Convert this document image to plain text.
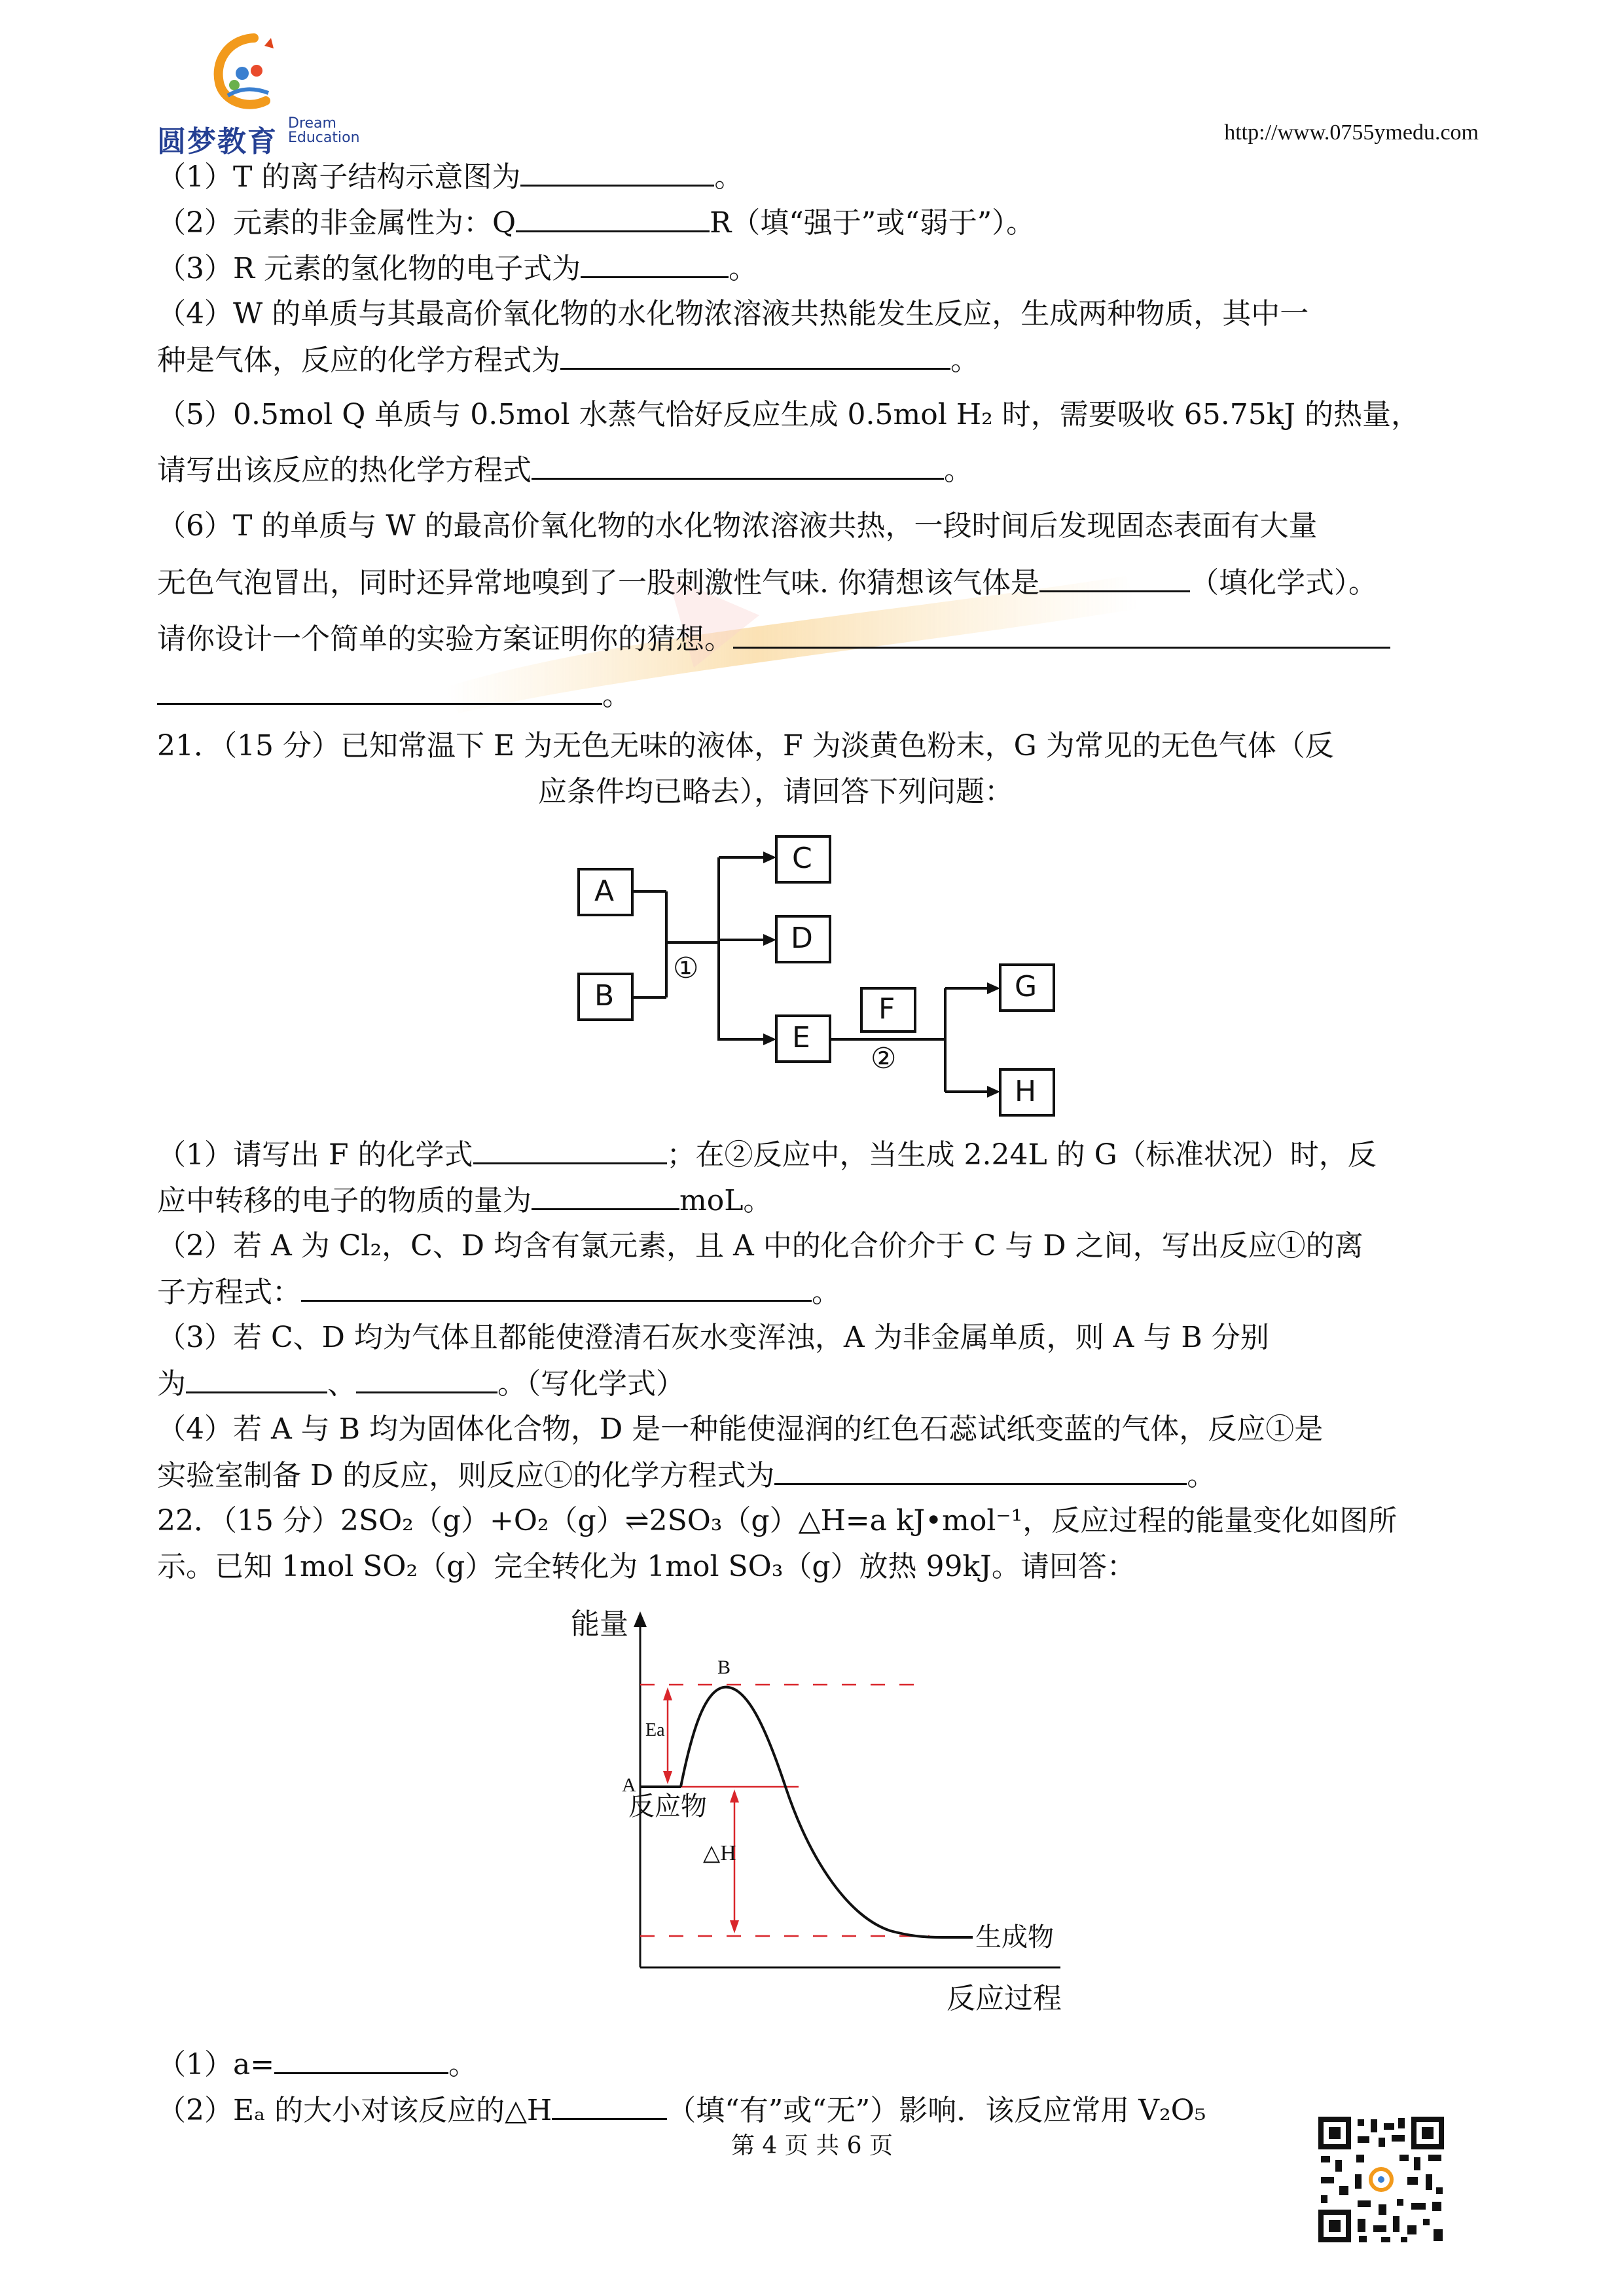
圆梦教育
Dream
Education	http://www.0755ymedu.com
（1）T 的离子结构示意图为	。
（2）元素的非金属性为：Q	R（填“强于”或“弱于”）。
（3）R 元素的氢化物的电子式为	。
（4）W 的单质与其最高价氧化物的水化物浓溶液共热能发生反应，生成两种物质，其中一
种是气体，反应的化学方程式为	。
（5）0.5mol Q 单质与 0.5mol 水蒸气恰好反应生成 0.5mol H₂ 时，需要吸收 65.75kJ 的热量，
请写出该反应的热化学方程式	。
（6）T 的单质与 W 的最高价氧化物的水化物浓溶液共热，一段时间后发现固态表面有大量
无色气泡冒出，同时还异常地嗅到了一股刺激性气味. 你猜想该气体是	（填化学式）。
请你设计一个简单的实验方案证明你的猜想。
。
21．（15 分）已知常温下 E 为无色无味的液体，F 为淡黄色粉末，G 为常见的无色气体（反
应条件均已略去），请回答下列问题：
A
B
C
D
E
F
G
H
①
②
（1）请写出 F 的化学式	；在②反应中，当生成 2.24L 的 G（标准状况）时，反
应中转移的电子的物质的量为	moL。
（2）若 A 为 Cl₂，C、D 均含有氯元素，且 A 中的化合价介于 C 与 D 之间，写出反应①的离
子方程式：	。
（3）若 C、D 均为气体且都能使澄清石灰水变浑浊，A 为非金属单质，则 A 与 B 分别
为	、	。（写化学式）
（4）若 A 与 B 均为固体化合物，D 是一种能使湿润的红色石蕊试纸变蓝的气体，反应①是
实验室制备 D 的反应，则反应①的化学方程式为	。
22．（15 分）2SO₂（g）+O₂（g）⇌2SO₃（g）△H=a kJ•mol⁻¹，反应过程的能量变化如图所
示。已知 1mol SO₂（g）完全转化为 1mol SO₃（g）放热 99kJ。请回答：
能量
反应过程
B
A
反应物
生成物
Ea
△H
（1）a=	。
（2）Eₐ 的大小对该反应的△H	（填“有”或“无”）影响．该反应常用 V₂O₅
第 4 页 共 6 页
